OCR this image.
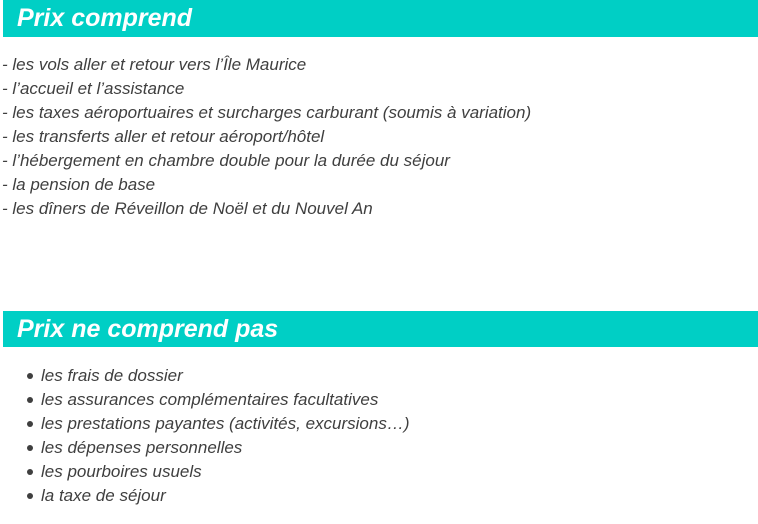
Prix comprend

- les vols aller et retour vers l’Île Maurice

- l’accueil et l’assistance

- les taxes aéroportuaires et surcharges carburant (soumis à variation)

- les transferts aller et retour aéroport/hôtel

- l’hébergement en chambre double pour la durée du séjour

- la pension de base

- les dîners de Réveillon de Noël et du Nouvel An

Prix ne comprend pas
les frais de dossier
les assurances complémentaires facultatives
les prestations payantes (activités, excursions…)
les dépenses personnelles
les pourboires usuels
la taxe de séjour
